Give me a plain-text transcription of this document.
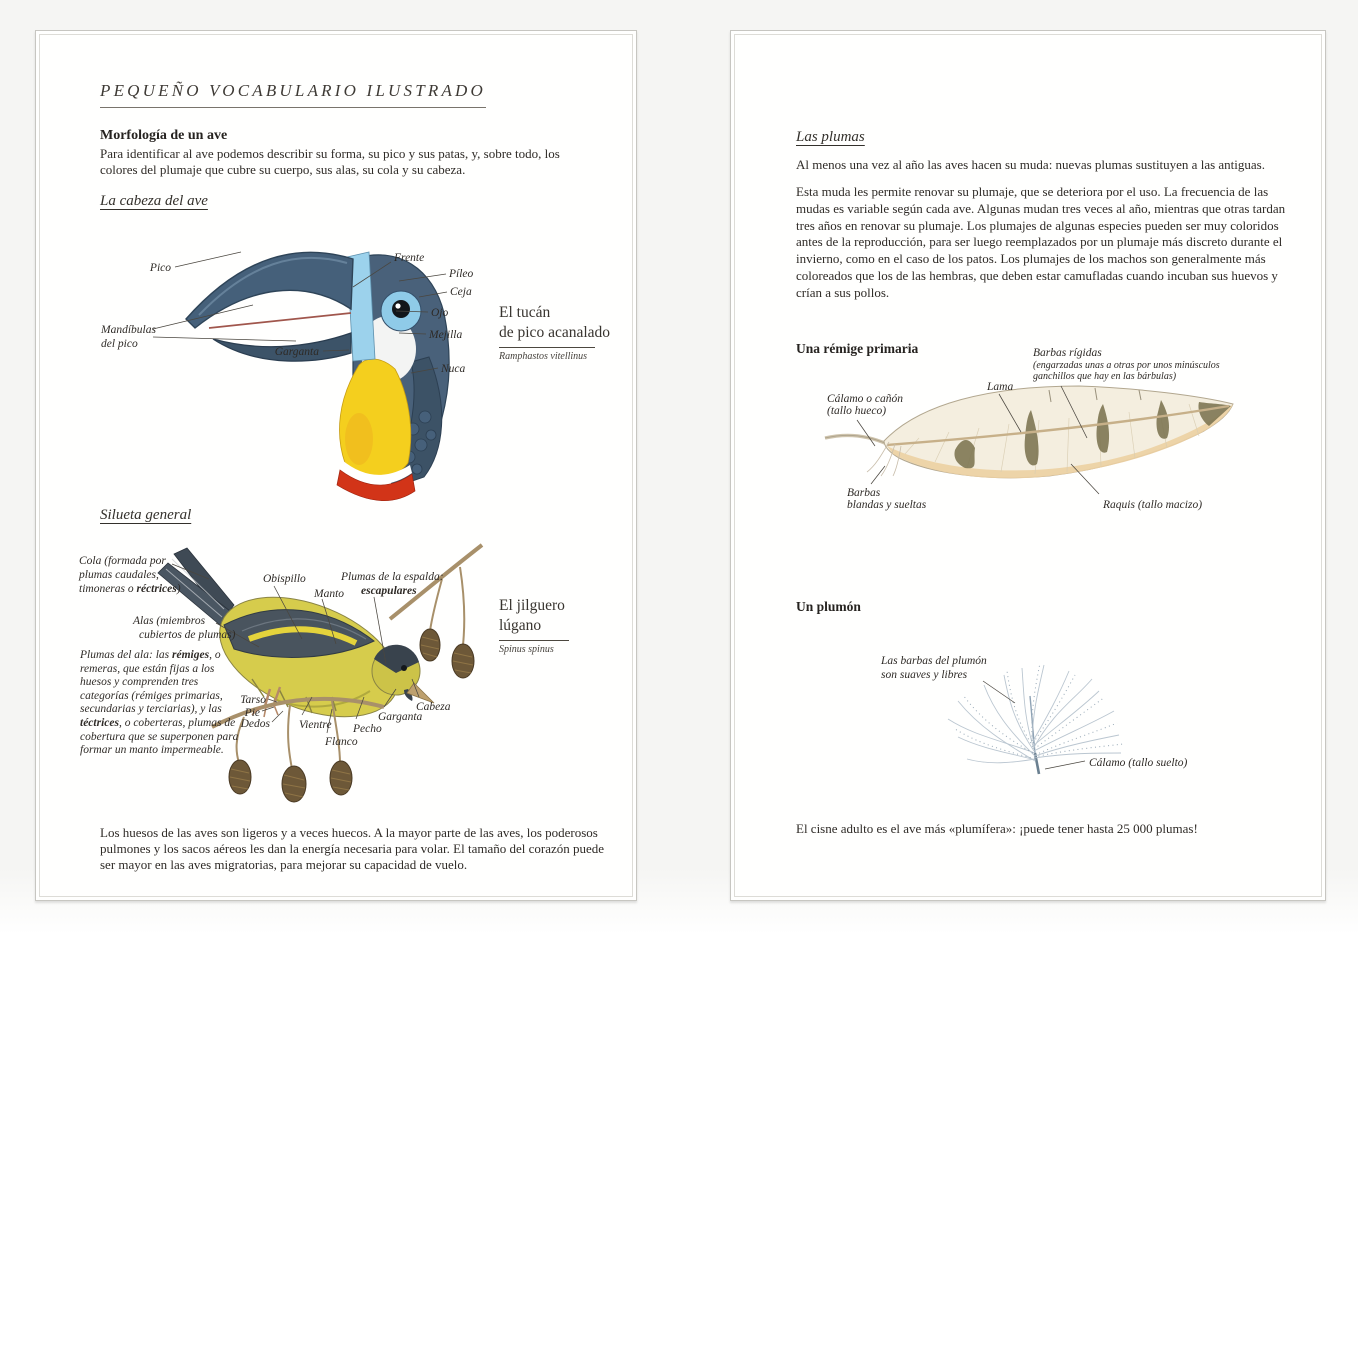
PEQUEÑO VOCABULARIO ILUSTRADO
Morfología de un ave
Para identificar al ave podemos describir su forma, su pico y sus patas, y, sobre todo, los colores del plumaje que cubre su cuerpo, sus alas, su cola y su cabeza.
La cabeza del ave
Pico
Frente
Píleo
Ceja
Ojo
Mejilla
Nuca
Mandíbulas
del pico
Garganta
El tucán
de pico acanalado
Ramphastos vitellinus
Silueta general
Cola (formada por
plumas caudales,
timoneras o réctrices)
Obispillo
Manto
Plumas de la espalda:
escapulares
Alas (miembros
cubiertos de plumas)
Tarso
Pie
Dedos	Vientre
Flanco
Pecho
Garganta
Cabeza
Plumas del ala: las rémiges, o remeras, que están fijas a los huesos y comprenden tres categorías (rémiges primarias, secundarias y terciarias), y las téctrices, o coberteras, plumas de cobertura que se superponen para formar un manto impermeable.
El jilguero
lúgano
Spinus spinus
Los huesos de las aves son ligeros y a veces huecos. A la mayor parte de las aves, los poderosos pulmones y los sacos aéreos les dan la energía necesaria para volar. El tamaño del corazón puede ser mayor en las aves migratorias, para mejorar su capacidad de vuelo.
Las plumas
Al menos una vez al año las aves hacen su muda: nuevas plumas sustituyen a las antiguas.
Esta muda les permite renovar su plumaje, que se deteriora por el uso. La frecuencia de las mudas es variable según cada ave. Algunas mudan tres veces al año, mientras que otras tardan tres años en renovar su plumaje. Los plumajes de algunas especies pueden ser muy coloridos antes de la reproducción, para ser luego reemplazados por un plumaje más discreto durante el invierno, como en el caso de los patos. Los plumajes de los machos son generalmente más coloreados que los de las hembras, que deben estar camufladas cuando incuban sus huevos y crían a sus pollos.
Una rémige primaria	Barbas rígidas
(engarzadas unas a otras por unos minúsculos
ganchillos que hay en las bárbulas)
Lama
Cálamo o cañón
(tallo hueco)
Barbas
blandas y sueltas	Raquis (tallo macizo)
Un plumón
Las barbas del plumón
son suaves y libres
Cálamo (tallo suelto)
El cisne adulto es el ave más «plumífera»: ¡puede tener hasta 25 000 plumas!
